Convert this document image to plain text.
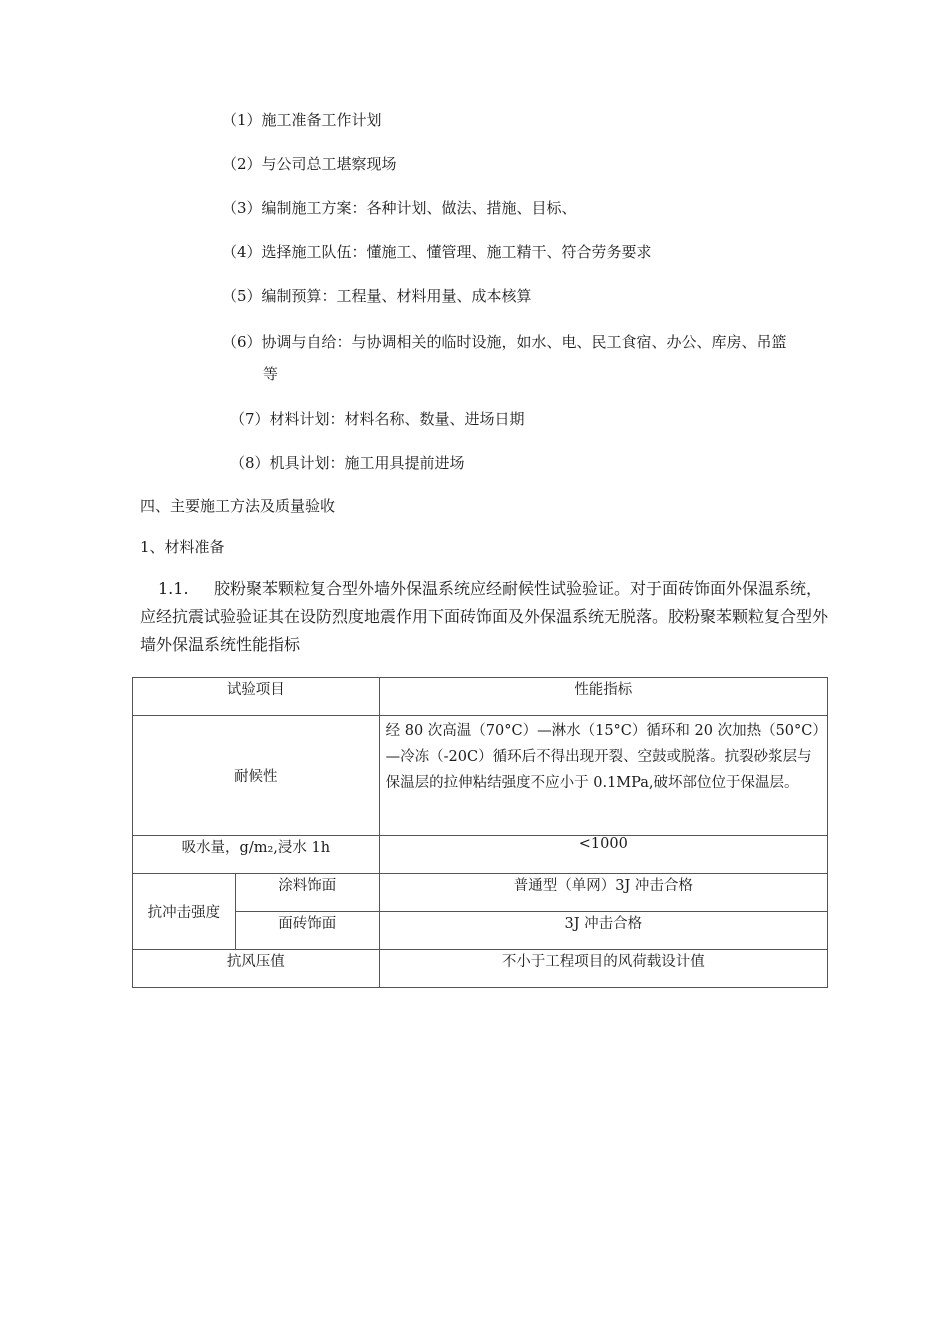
（1）施工准备工作计划
（2）与公司总工堪察现场
（3）编制施工方案：各种计划、做法、措施、目标、
（4）选择施工队伍：懂施工、懂管理、施工精干、符合劳务要求
（5）编制预算：工程量、材料用量、成本核算
（6）协调与自给：与协调相关的临时设施，如水、电、民工食宿、办公、库房、吊篮
等
（7）材料计划：材料名称、数量、进场日期
（8）机具计划：施工用具提前进场
四、主要施工方法及质量验收
1、材料准备
1.1. 胶粉聚苯颗粒复合型外墙外保温系统应经耐候性试验验证。对于面砖饰面外保温系统，应经抗震试验验证其在设防烈度地震作用下面砖饰面及外保温系统无脱落。胶粉聚苯颗粒复合型外墙外保温系统性能指标
试验项目		性能指标
耐候性		经 80 次高温（70°C）—淋水（15°C）循环和 20 次加热（50°C）—冷冻（-20C）循环后不得出现开裂、空鼓或脱落。抗裂砂浆层与保温层的拉伸粘结强度不应小于 0.1MPa,破坏部位位于保温层。
吸水量，g/m₂,浸水 1h		<1000
抗冲击强度	涂料饰面	普通型（单网）3J 冲击合格
	面砖饰面	3J 冲击合格
抗风压值		不小于工程项目的风荷载设计值
